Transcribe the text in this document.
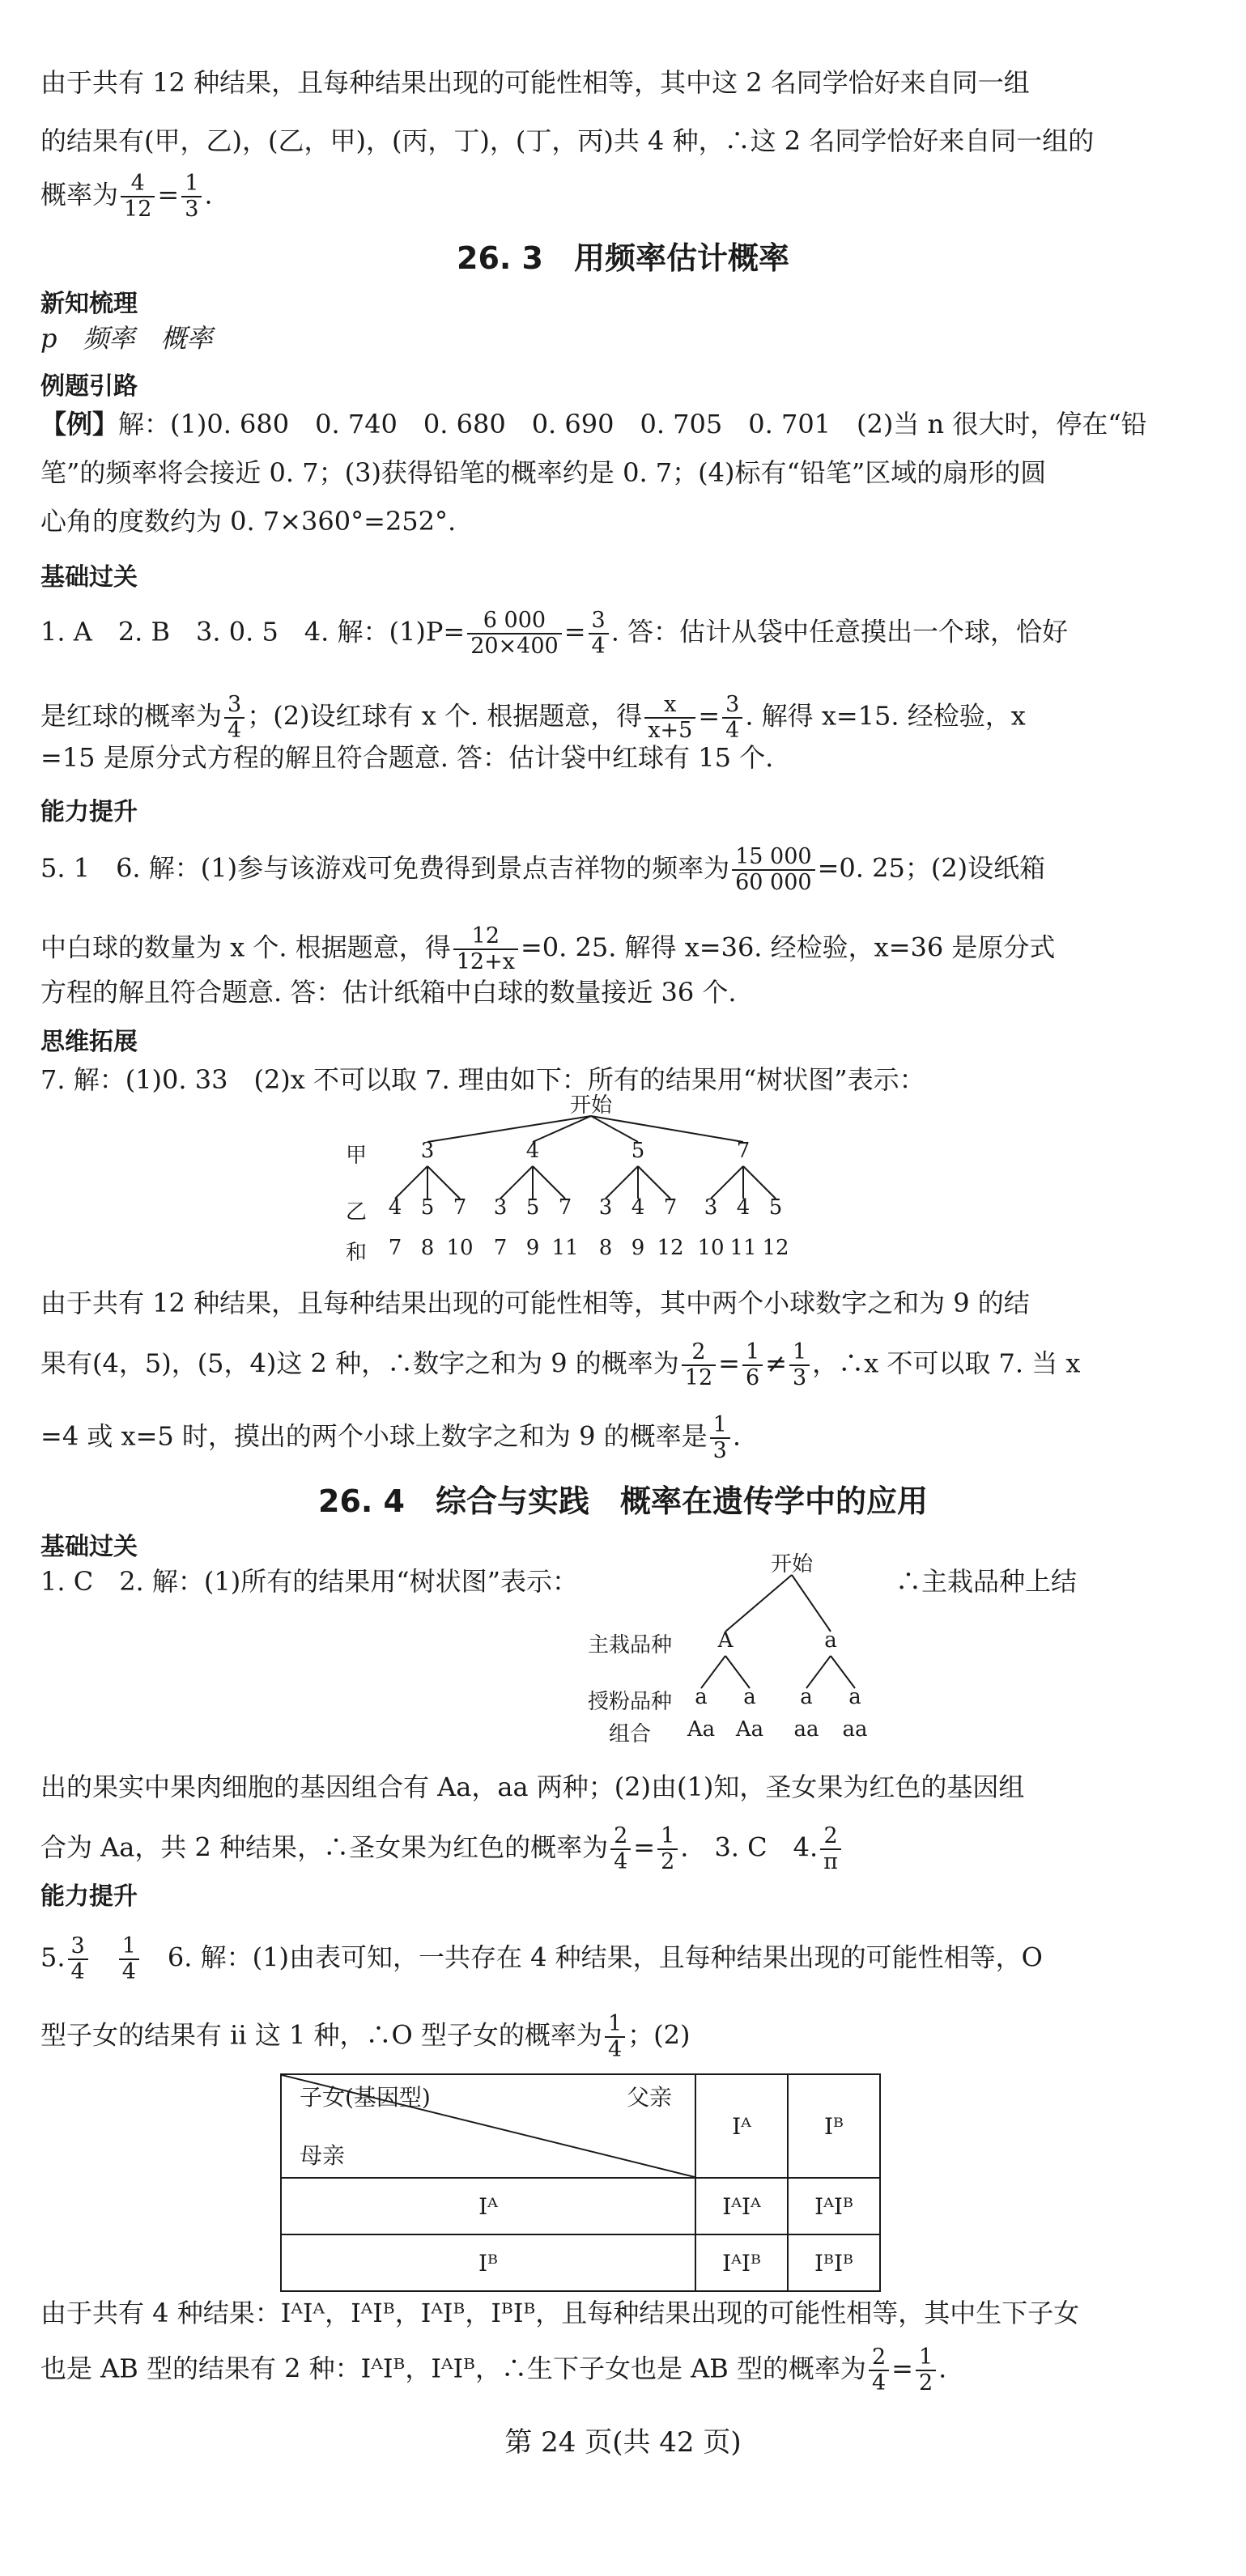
由于共有 12 种结果，且每种结果出现的可能性相等，其中这 2 名同学恰好来自同一组
的结果有(甲，乙)，(乙，甲)，(丙，丁)，(丁，丙)共 4 种，∴这 2 名同学恰好来自同一组的
概率为 $\frac{4}{12} = \frac{1}{3}$ .
26. 3　用频率估计概率
新知梳理
p　频率　概率
例题引路
【例】解：(1)0. 680　0. 740　0. 680　0. 690　0. 705　0. 701　(2)当 n 很大时，停在“铅
笔”的频率将会接近 0. 7；(3)获得铅笔的概率约是 0. 7；(4)标有“铅笔”区域的扇形的圆
心角的度数约为 0. 7×360°=252°.
基础过关
1. A　2. B　3. 0. 5　4. 解：$(1)P= \frac{6 000}{20\times 400} = \frac{3}{4}$ . 答：估计从袋中任意摸出一个球，恰好
是红球的概率为 $\frac{3}{4}$ ；(2)设红球有 x 个. 根据题意，得 $\frac{x}{x+5} = \frac{3}{4}$ . 解得 x=15. 经检验，x
=15 是原分式方程的解且符合题意. 答：估计袋中红球有 15 个.
能力提升
5. 1　6. 解：(1)参与该游戏可免费得到景点吉祥物的频率为 $\frac{15 000}{60 000} =0$. 25；(2)设纸箱
中白球的数量为 x 个. 根据题意，得 $\frac{12}{12+x} =0$. 25. 解得 x=36. 经检验，x=36 是原分式
方程的解且符合题意. 答：估计纸箱中白球的数量接近 36 个.
思维拓展
7. 解：(1)0. 33　(2)x 不可以取 7. 理由如下：所有的结果用“树状图”表示：
开始
甲
乙
和
3
4
7
5
8
7
10
4
3
7
5
9
7
11
5
3
8
4
9
7
12
7
3
10
4
11
5
12
由于共有 12 种结果，且每种结果出现的可能性相等，其中两个小球数字之和为 9 的结
果有(4，5)，(5，4)这 2 种，∴数字之和为 9 的概率为 $\frac{2}{12} = \frac{1}{6} \ne \frac{1}{3}$ ，∴x 不可以取 7. 当 x
=4 或 x=5 时，摸出的两个小球上数字之和为 9 的概率是 $\frac{1}{3}$ .
26. 4　综合与实践　概率在遗传学中的应用
基础过关
1. C　2. 解：(1)所有的结果用“树状图”表示：	∴主栽品种上结
开始
主栽品种
授粉品种
组合
A
a
Aa
a
Aa
a
a
aa
a
aa
出的果实中果肉细胞的基因组合有 Aa，aa 两种；(2)由(1)知，圣女果为红色的基因组
合为 Aa，共 2 种结果，∴圣女果为红色的概率为 $\frac{2}{4} = \frac{1}{2}$ .　3. C　4. $\frac{2}{\pi}$
能力提升
5. $\frac{3}{4}$
　 $\frac{1}{4}$ 　6. 解：(1)由表可知，一共存在 4 种结果，且每种结果出现的可能性相等，O
型子女的结果有 ii 这 1 种，∴O 型子女的概率为 $\frac{1}{4}$ ；(2)
子女(基因型) 父亲
母亲	Iᴬ	Iᴮ
Iᴬ	IᴬIᴬ	IᴬIᴮ
Iᴮ	IᴬIᴮ	IᴮIᴮ
由于共有 4 种结果：IᴬIᴬ，IᴬIᴮ，IᴬIᴮ，IᴮIᴮ，且每种结果出现的可能性相等，其中生下子女
也是 AB 型的结果有 2 种：IᴬIᴮ，IᴬIᴮ，∴生下子女也是 AB 型的概率为 $\frac{2}{4} = \frac{1}{2}$ .
第 24 页(共 42 页)
